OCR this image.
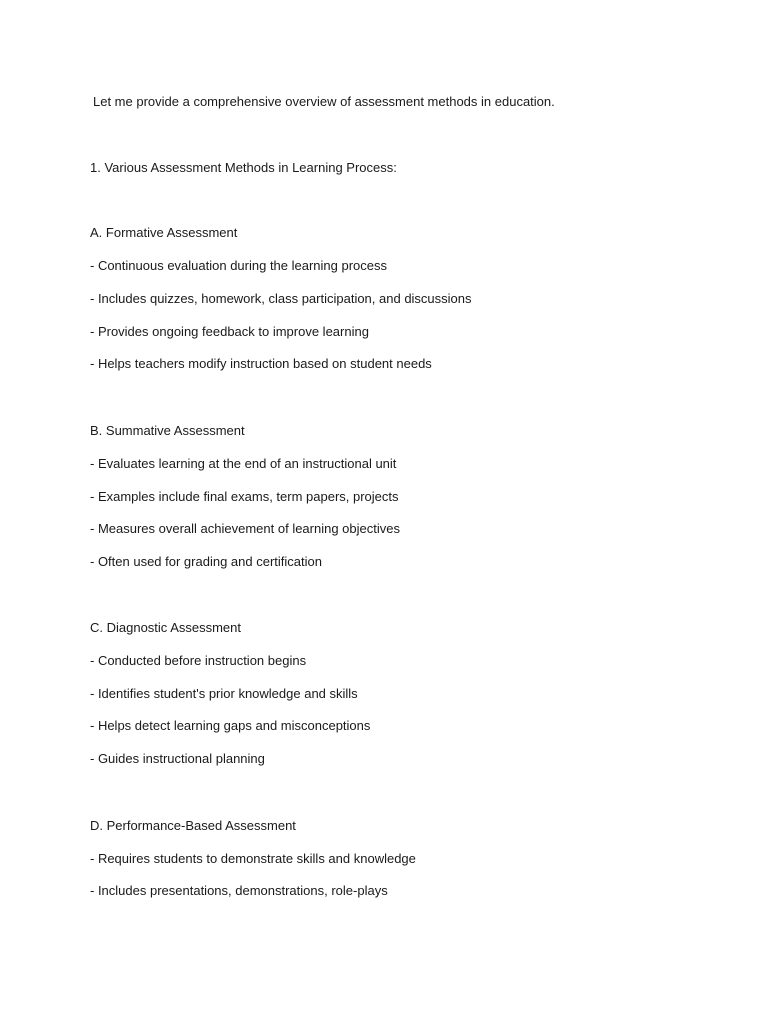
Let me provide a comprehensive overview of assessment methods in education.
1. Various Assessment Methods in Learning Process:
A. Formative Assessment
- Continuous evaluation during the learning process
- Includes quizzes, homework, class participation, and discussions
- Provides ongoing feedback to improve learning
- Helps teachers modify instruction based on student needs
B. Summative Assessment
- Evaluates learning at the end of an instructional unit
- Examples include final exams, term papers, projects
- Measures overall achievement of learning objectives
- Often used for grading and certification
C. Diagnostic Assessment
- Conducted before instruction begins
- Identifies student's prior knowledge and skills
- Helps detect learning gaps and misconceptions
- Guides instructional planning
D. Performance-Based Assessment
- Requires students to demonstrate skills and knowledge
- Includes presentations, demonstrations, role-plays
